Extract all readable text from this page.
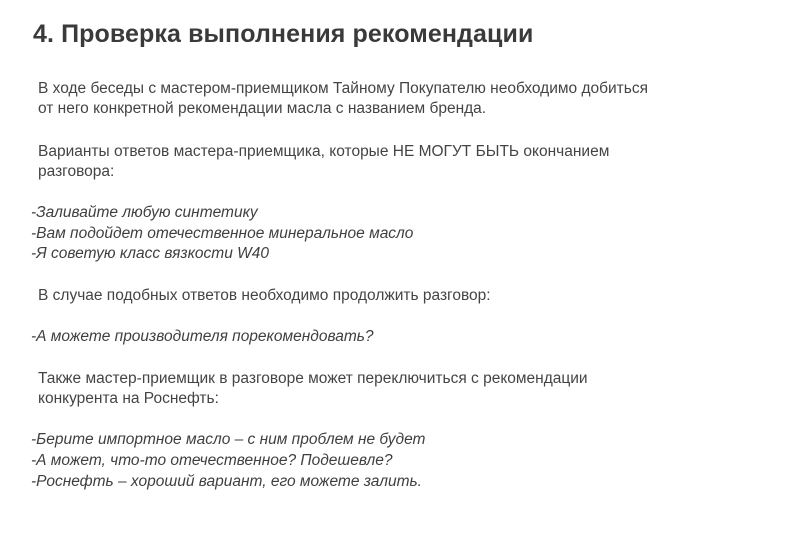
4. Проверка выполнения рекомендации

В ходе беседы с мастером-приемщиком Тайному Покупателю необходимо добиться

от него конкретной рекомендации масла с названием бренда.

Варианты ответов мастера-приемщика, которые НЕ МОГУТ БЫТЬ окончанием

разговора:

-Заливайте любую синтетику

-Вам подойдет отечественное минеральное масло

-Я советую класс вязкости W40

В случае подобных ответов необходимо продолжить разговор:

-А можете производителя порекомендовать?

Также мастер-приемщик в разговоре может переключиться с рекомендации

конкурента на Роснефть:

-Берите импортное масло – с ним проблем не будет

-А может, что-то отечественное? Подешевле?

-Роснефть – хороший вариант, его можете залить.
